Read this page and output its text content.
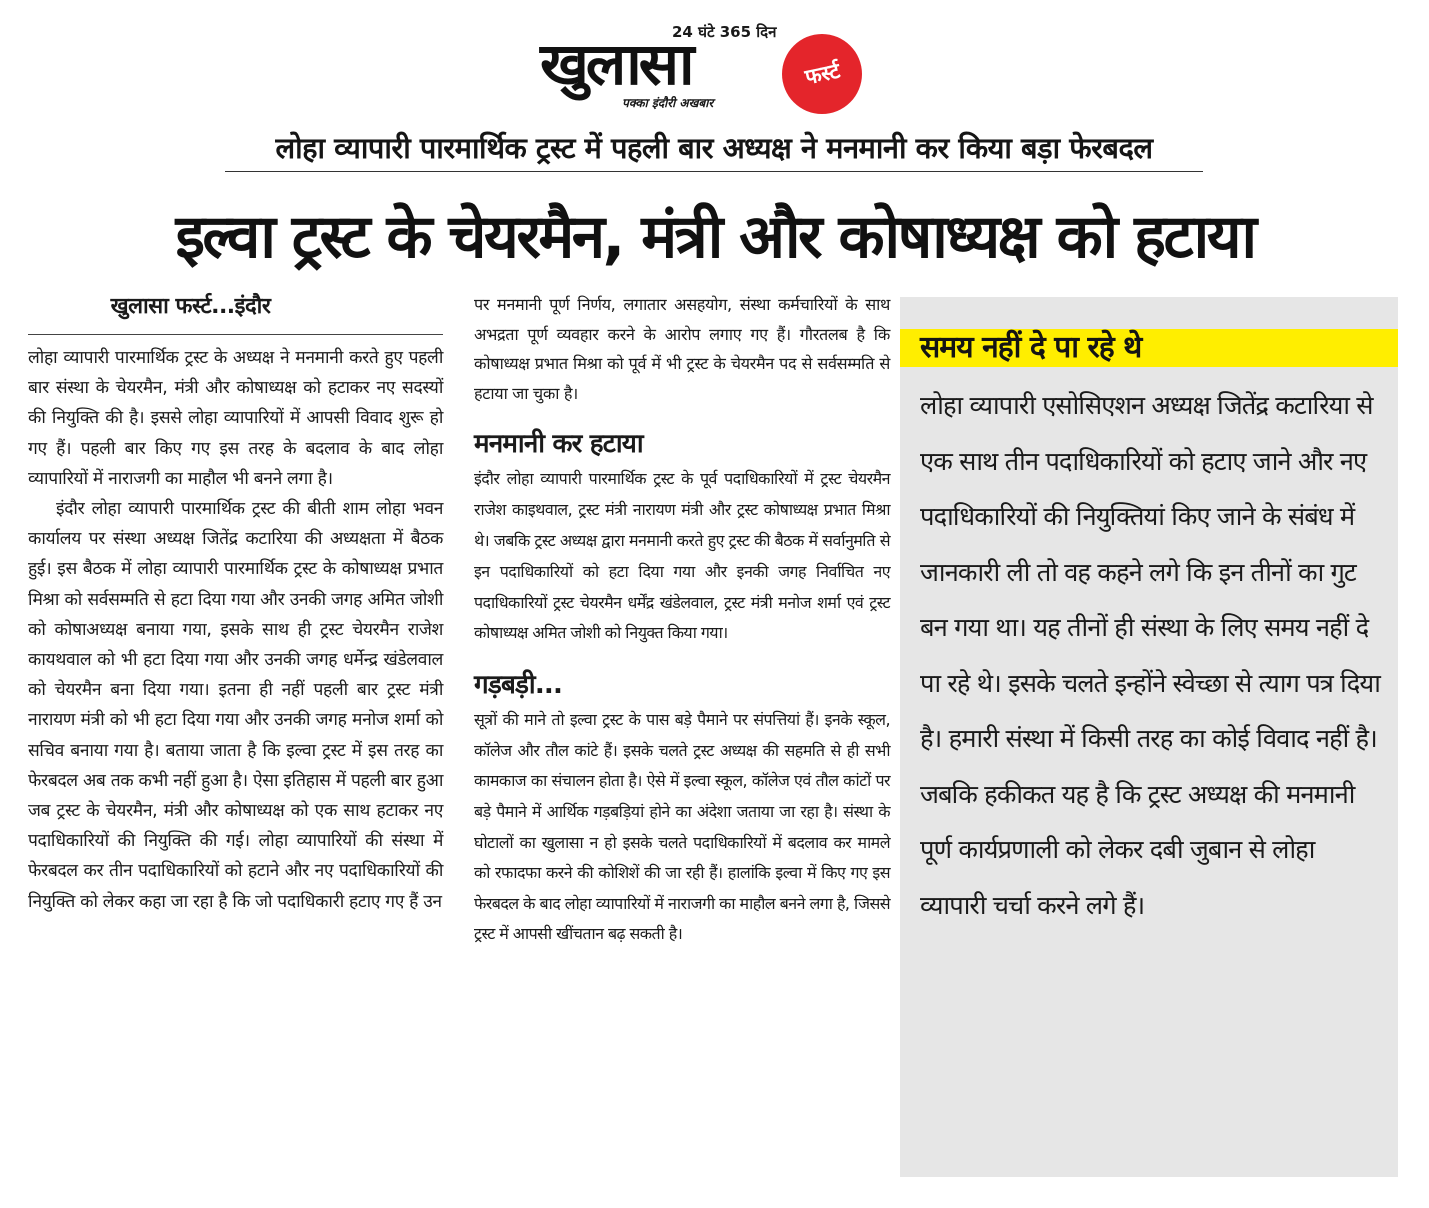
24 घंटे 365 दिन
खुलासा	फर्स्ट
पक्का इंदौरी अखबार
लोहा व्यापारी पारमार्थिक ट्रस्ट में पहली बार अध्यक्ष ने मनमानी कर किया बड़ा फेरबदल
इल्वा ट्रस्ट के चेयरमैन, मंत्री और कोषाध्यक्ष को हटाया

खुलासा फर्स्ट...इंदौर

लोहा व्यापारी पारमार्थिक ट्रस्ट के अध्यक्ष ने मनमानी करते हुए पहली बार संस्था के चेयरमैन, मंत्री और कोषाध्यक्ष को हटाकर नए सदस्यों की नियुक्ति की है। इससे लोहा व्यापारियों में आपसी विवाद शुरू हो गए हैं। पहली बार किए गए इस तरह के बदलाव के बाद लोहा व्यापारियों में नाराजगी का माहौल भी बनने लगा है।

इंदौर लोहा व्यापारी पारमार्थिक ट्रस्ट की बीती शाम लोहा भवन कार्यालय पर संस्था अध्यक्ष जितेंद्र कटारिया की अध्यक्षता में बैठक हुई। इस बैठक में लोहा व्यापारी पारमार्थिक ट्रस्ट के कोषाध्यक्ष प्रभात मिश्रा को सर्वसम्मति से हटा दिया गया और उनकी जगह अमित जोशी को कोषाअध्यक्ष बनाया गया, इसके साथ ही ट्रस्ट चेयरमैन राजेश कायथवाल को भी हटा दिया गया और उनकी जगह धर्मेन्द्र खंडेलवाल को चेयरमैन बना दिया गया। इतना ही नहीं पहली बार ट्रस्ट मंत्री नारायण मंत्री को भी हटा दिया गया और उनकी जगह मनोज शर्मा को सचिव बनाया गया है। बताया जाता है कि इल्वा ट्रस्ट में इस तरह का फेरबदल अब तक कभी नहीं हुआ है। ऐसा इतिहास में पहली बार हुआ जब ट्रस्ट के चेयरमैन, मंत्री और कोषाध्यक्ष को एक साथ हटाकर नए पदाधिकारियों की नियुक्ति की गई। लोहा व्यापारियों की संस्था में फेरबदल कर तीन पदाधिकारियों को हटाने और नए पदाधिकारियों की नियुक्ति को लेकर कहा जा रहा है कि जो पदाधिकारी हटाए गए हैं उन

पर मनमानी पूर्ण निर्णय, लगातार असहयोग, संस्था कर्मचारियों के साथ अभद्रता पूर्ण व्यवहार करने के आरोप लगाए गए हैं। गौरतलब है कि कोषाध्यक्ष प्रभात मिश्रा को पूर्व में भी ट्रस्ट के चेयरमैन पद से सर्वसम्मति से हटाया जा चुका है।

मनमानी कर हटाया

इंदौर लोहा व्यापारी पारमार्थिक ट्रस्ट के पूर्व पदाधिकारियों में ट्रस्ट चेयरमैन राजेश काइथवाल, ट्रस्ट मंत्री नारायण मंत्री और ट्रस्ट कोषाध्यक्ष प्रभात मिश्रा थे। जबकि ट्रस्ट अध्यक्ष द्वारा मनमानी करते हुए ट्रस्ट की बैठक में सर्वानुमति से इन पदाधिकारियों को हटा दिया गया और इनकी जगह निर्वाचित नए पदाधिकारियों ट्रस्ट चेयरमैन धर्मेंद्र खंडेलवाल, ट्रस्ट मंत्री मनोज शर्मा एवं ट्रस्ट कोषाध्यक्ष अमित जोशी को नियुक्त किया गया।

गड़बड़ी...

सूत्रों की माने तो इल्वा ट्रस्ट के पास बड़े पैमाने पर संपत्तियां हैं। इनके स्कूल, कॉलेज और तौल कांटे हैं। इसके चलते ट्रस्ट अध्यक्ष की सहमति से ही सभी कामकाज का संचालन होता है। ऐसे में इल्वा स्कूल, कॉलेज एवं तौल कांटों पर बड़े पैमाने में आर्थिक गड़बड़ियां होने का अंदेशा जताया जा रहा है। संस्था के घोटालों का खुलासा न हो इसके चलते पदाधिकारियों में बदलाव कर मामले को रफादफा करने की कोशिशें की जा रही हैं। हालांकि इल्वा में किए गए इस फेरबदल के बाद लोहा व्यापारियों में नाराजगी का माहौल बनने लगा है, जिससे ट्रस्ट में आपसी खींचतान बढ़ सकती है।

समय नहीं दे पा रहे थे

लोहा व्यापारी एसोसिएशन अध्यक्ष जितेंद्र कटारिया से एक साथ तीन पदाधिकारियों को हटाए जाने और नए पदाधिकारियों की नियुक्तियां किए जाने के संबंध में जानकारी ली तो वह कहने लगे कि इन तीनों का गुट बन गया था। यह तीनों ही संस्था के लिए समय नहीं दे पा रहे थे। इसके चलते इन्होंने स्वेच्छा से त्याग पत्र दिया है। हमारी संस्था में किसी तरह का कोई विवाद नहीं है। जबकि हकीकत यह है कि ट्रस्ट अध्यक्ष की मनमानी पूर्ण कार्यप्रणाली को लेकर दबी जुबान से लोहा व्यापारी चर्चा करने लगे हैं।
